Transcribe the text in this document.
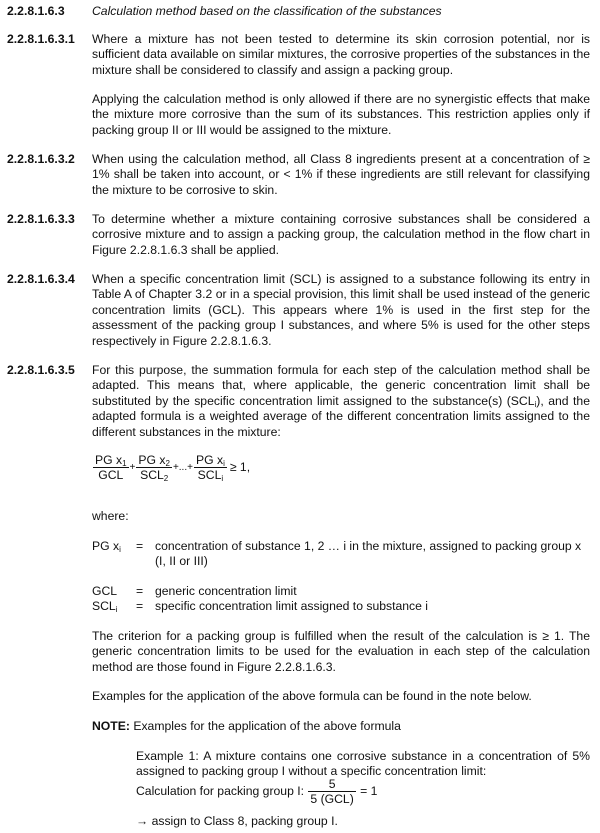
2.2.8.1.6.3 Calculation method based on the classification of the substances
2.2.8.1.6.3.1 Where a mixture has not been tested to determine its skin corrosion potential, nor is sufficient data available on similar mixtures, the corrosive properties of the substances in the mixture shall be considered to classify and assign a packing group.
Applying the calculation method is only allowed if there are no synergistic effects that make the mixture more corrosive than the sum of its substances. This restriction applies only if packing group II or III would be assigned to the mixture.
2.2.8.1.6.3.2 When using the calculation method, all Class 8 ingredients present at a concentration of ≥ 1% shall be taken into account, or < 1% if these ingredients are still relevant for classifying the mixture to be corrosive to skin.
2.2.8.1.6.3.3 To determine whether a mixture containing corrosive substances shall be considered a corrosive mixture and to assign a packing group, the calculation method in the flow chart in Figure 2.2.8.1.6.3 shall be applied.
2.2.8.1.6.3.4 When a specific concentration limit (SCL) is assigned to a substance following its entry in Table A of Chapter 3.2 or in a special provision, this limit shall be used instead of the generic concentration limits (GCL). This appears where 1% is used in the first step for the assessment of the packing group I substances, and where 5% is used for the other steps respectively in Figure 2.2.8.1.6.3.
2.2.8.1.6.3.5 For this purpose, the summation formula for each step of the calculation method shall be adapted. This means that, where applicable, the generic concentration limit shall be substituted by the specific concentration limit assigned to the substance(s) $(SCL_i)$, and the adapted formula is a weighted average of the different concentration limits assigned to the different substances in the mixture:
$\frac{PG x_1}{\text{GCL}} + \frac{PG x_2}{SCL_2}$ +...+ $\frac{PG x_i}{SCL_i} \ge 1$,
where:
PG $x_i$ = concentration of substance 1, 2 … i in the mixture, assigned to packing group x (I, II or III)
GCL = generic concentration limit
$SCL_i$ = specific concentration limit assigned to substance i
The criterion for a packing group is fulfilled when the result of the calculation is ≥ 1. The generic concentration limits to be used for the evaluation in each step of the calculation method are those found in Figure 2.2.8.1.6.3.
Examples for the application of the above formula can be found in the note below.
NOTE: Examples for the application of the above formula
Example 1: A mixture contains one corrosive substance in a concentration of 5% assigned to packing group I without a specific concentration limit:
Calculation for packing group I: $\frac{5}{\text{5 (GCL)}} = 1$
→ assign to Class 8, packing group I.
